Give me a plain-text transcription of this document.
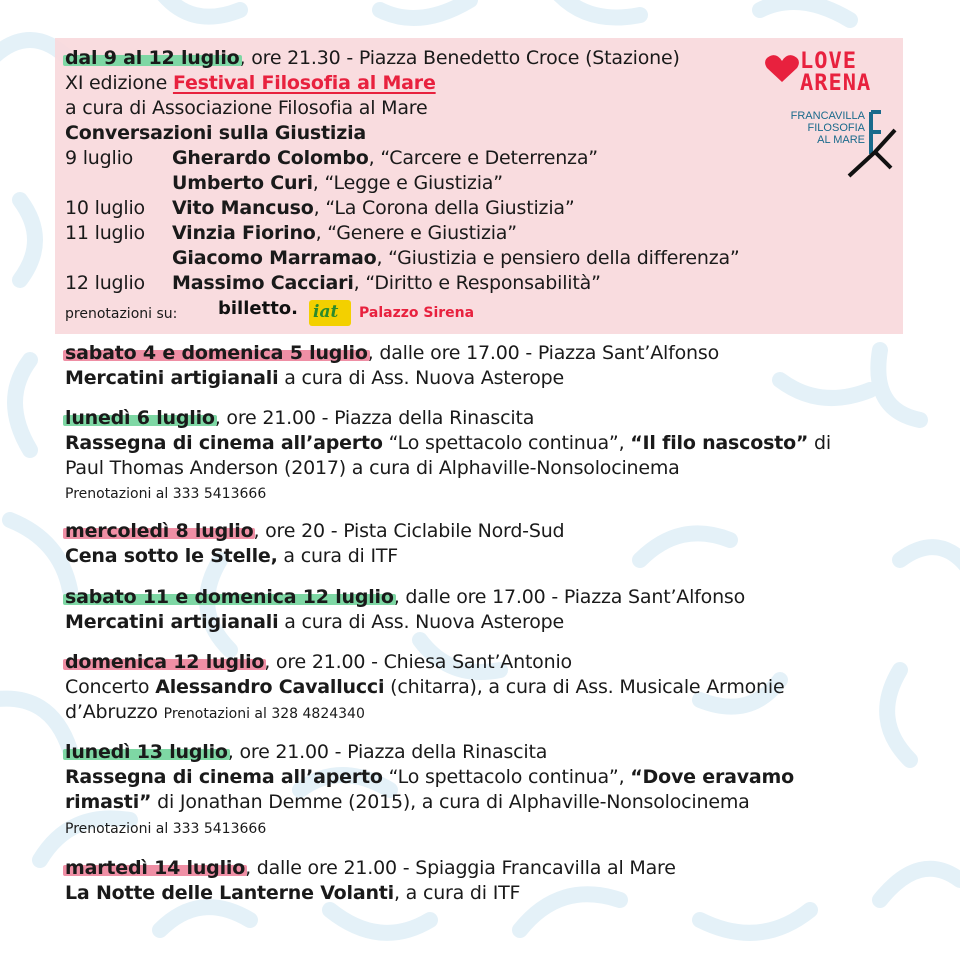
dal 9 al 12 luglio, ore 21.30 - Piazza Benedetto Croce (Stazione)
XI edizione Festival Filosofia al Mare
a cura di Associazione Filosofia al Mare
Conversazioni sulla Giustizia
9 luglio Gherardo Colombo, “Carcere e Deterrenza”
Umberto Curi, “Legge e Giustizia”
10 luglio Vito Mancuso, “La Corona della Giustizia”
11 luglio Vinzia Fiorino, “Genere e Giustizia”
Giacomo Marramao, “Giustizia e pensiero della differenza”
12 luglio Massimo Cacciari, “Diritto e Responsabilità”
prenotazioni su: billetto. iat Palazzo Sirena
LOVE
ARENA
FRANCAVILLA
FILOSOFIA
AL MARE
sabato 4 e domenica 5 luglio, dalle ore 17.00 - Piazza Sant’Alfonso
Mercatini artigianali a cura di Ass. Nuova Asterope
lunedì 6 luglio, ore 21.00 - Piazza della Rinascita
Rassegna di cinema all’aperto “Lo spettacolo continua”, “Il filo nascosto” di
Paul Thomas Anderson (2017) a cura di Alphaville-Nonsolocinema
Prenotazioni al 333 5413666
mercoledì 8 luglio, ore 20 - Pista Ciclabile Nord-Sud
Cena sotto le Stelle, a cura di ITF
sabato 11 e domenica 12 luglio, dalle ore 17.00 - Piazza Sant’Alfonso
Mercatini artigianali a cura di Ass. Nuova Asterope
domenica 12 luglio, ore 21.00 - Chiesa Sant’Antonio
Concerto Alessandro Cavallucci (chitarra), a cura di Ass. Musicale Armonie
d’Abruzzo Prenotazioni al 328 4824340
lunedì 13 luglio, ore 21.00 - Piazza della Rinascita
Rassegna di cinema all’aperto “Lo spettacolo continua”, “Dove eravamo
rimasti” di Jonathan Demme (2015), a cura di Alphaville-Nonsolocinema
Prenotazioni al 333 5413666
martedì 14 luglio, dalle ore 21.00 - Spiaggia Francavilla al Mare
La Notte delle Lanterne Volanti, a cura di ITF
